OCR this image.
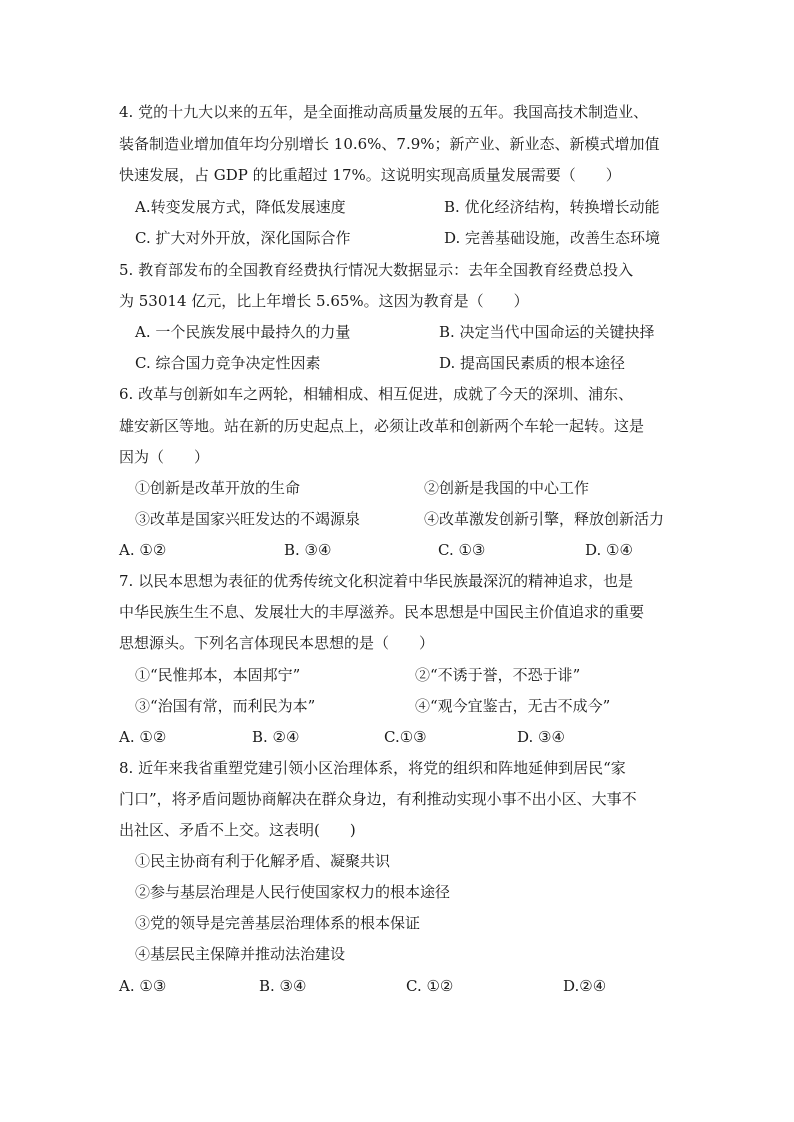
4. 党的十九大以来的五年，是全面推动高质量发展的五年。我国高技术制造业、
装备制造业增加值年均分别增长 10.6%、7.9%；新产业、新业态、新模式增加值
快速发展，占 GDP 的比重超过 17%。这说明实现高质量发展需要（　　）
A.转变发展方式，降低发展速度	B. 优化经济结构，转换增长动能
C. 扩大对外开放，深化国际合作	D. 完善基础设施，改善生态环境
5. 教育部发布的全国教育经费执行情况大数据显示：去年全国教育经费总投入
为 53014 亿元，比上年增长 5.65%。这因为教育是（　　）
A. 一个民族发展中最持久的力量	B. 决定当代中国命运的关键抉择
C. 综合国力竞争决定性因素	D. 提高国民素质的根本途径
6. 改革与创新如车之两轮，相辅相成、相互促进，成就了今天的深圳、浦东、
雄安新区等地。站在新的历史起点上，必须让改革和创新两个车轮一起转。这是
因为（　　）
①创新是改革开放的生命	②创新是我国的中心工作
③改革是国家兴旺发达的不竭源泉	④改革激发创新引擎，释放创新活力
A. ①②	B. ③④	C. ①③	D. ①④
7. 以民本思想为表征的优秀传统文化积淀着中华民族最深沉的精神追求，也是
中华民族生生不息、发展壮大的丰厚滋养。民本思想是中国民主价值追求的重要
思想源头。下列名言体现民本思想的是（　　）
①“民惟邦本，本固邦宁”	②“不诱于誉，不恐于诽”
③“治国有常，而利民为本”	④“观今宜鉴古，无古不成今”
A. ①②	B. ②④	C.①③	D. ③④
8. 近年来我省重塑党建引领小区治理体系，将党的组织和阵地延伸到居民“家
门口”，将矛盾问题协商解决在群众身边，有利推动实现小事不出小区、大事不
出社区、矛盾不上交。这表明(　　)
①民主协商有利于化解矛盾、凝聚共识
②参与基层治理是人民行使国家权力的根本途径
③党的领导是完善基层治理体系的根本保证
④基层民主保障并推动法治建设
A. ①③	B. ③④	C. ①②	D.②④
